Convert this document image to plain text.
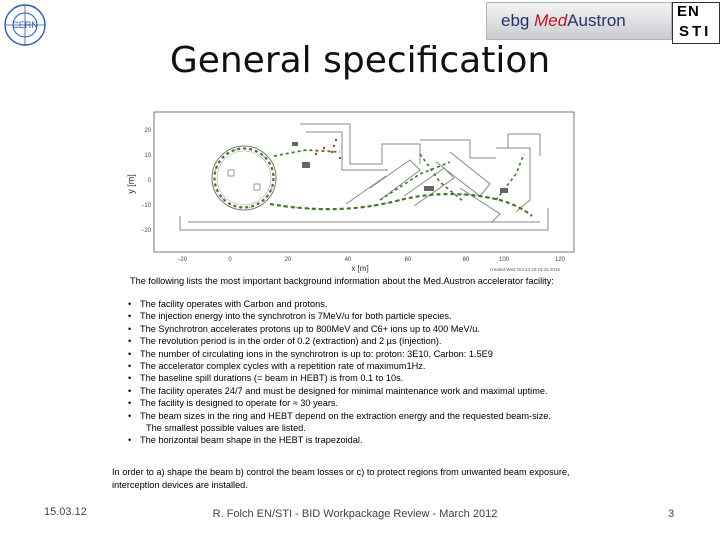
CERN	ebg MedAustron	EN
STI
General specification
y [m]
20
10
0
−10
−20
−20	0	20	40	60	80	100	120
x [m]	created Wed Oct 14 10:18:15 2015
The following lists the most important background information about the Med.Austron accelerator facility:
• The facility operates with Carbon and protons.
• The injection energy into the synchrotron is 7MeV/u for both particle species.
• The Synchrotron accelerates protons up to 800MeV and C6+ ions up to 400 MeV/u.
• The revolution period is in the order of 0.2 (extraction) and 2 µs (injection).
• The number of circulating ions in the synchrotron is up to: proton: 3E10, Carbon: 1.5E9
• The accelerator complex cycles with a repetition rate of maximum1Hz.
• The baseline spill durations (= beam in HEBT) is from 0.1 to 10s.
• The facility operates 24/7 and must be designed for minimal maintenance work and maximal uptime.
• The facility is designed to operate for ≈ 30 years.
• The beam sizes in the ring and HEBT depend on the extraction energy and the requested beam-size.
The smallest possible values are listed.
• The horizontal beam shape in the HEBT is trapezoidal.
In order to a) shape the beam b) control the beam losses or c) to protect regions from unwanted beam exposure, interception devices are installed.
15.03.12	R. Folch EN/STI - BID Workpackage Review - March 2012	3
